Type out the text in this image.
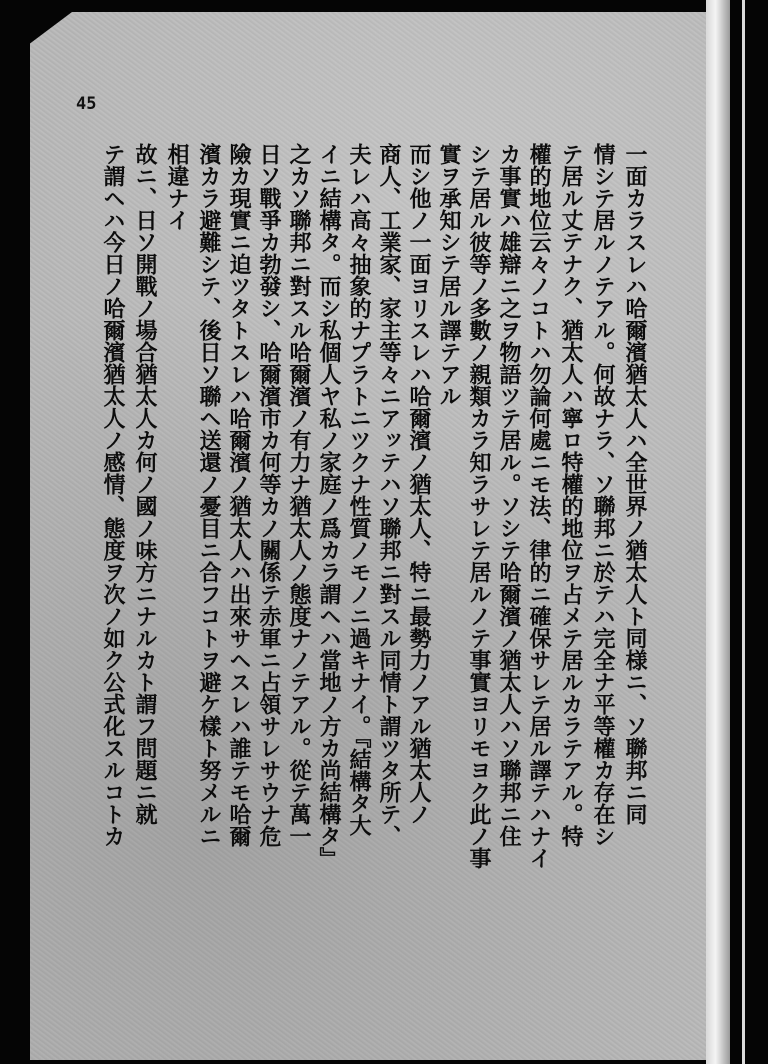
45
一面カラスレハ哈爾濱猶太人ハ全世界ノ猶太人ト同様ニ、ソ聯邦ニ同
情シテ居ルノテアル。何故ナラ、ソ聯邦ニ於テハ完全ナ平等權カ存在シ
テ居ル丈テナク、猶太人ハ寧ロ特權的地位ヲ占メテ居ルカラテアル。特
權的地位云々ノコトハ勿論何處ニモ法、律的ニ確保サレテ居ル譯テハナイ
カ事實ハ雄辯ニ之ヲ物語ツテ居ル。ソシテ哈爾濱ノ猶太人ハソ聯邦ニ住
シテ居ル彼等ノ多數ノ親類カラ知ラサレテ居ルノテ事實ヨリモヨク此ノ事
實ヲ承知シテ居ル譯テアル
而シ他ノ一面ヨリスレハ哈爾濱ノ猶太人、特ニ最勢力ノアル猶太人ノ
商人、工業家、家主等々ニアッテハソ聯邦ニ對スル同情ト謂ツタ所テ、
夫レハ高々抽象的ナプラトニツクナ性質ノモノニ過キナイ。『結構タ大
イニ結構タ。而シ私個人ヤ私ノ家庭ノ爲カラ謂ヘハ當地ノ方カ尚結構タ』
之カソ聯邦ニ對スル哈爾濱ノ有力ナ猶太人ノ態度ナノテアル。從テ萬一
日ソ戰爭カ勃發シ、哈爾濱市カ何等カノ關係テ赤軍ニ占領サレサウナ危
險カ現實ニ迫ツタトスレハ哈爾濱ノ猶太人ハ出來サヘスレハ誰テモ哈爾
濱カラ避難シテ、後日ソ聯ヘ送還ノ憂目ニ合フコトヲ避ケ樣ト努メルニ
相違ナイ
故ニ、日ソ開戰ノ場合猶太人カ何ノ國ノ味方ニナルカト謂フ問題ニ就
テ謂ヘハ今日ノ哈爾濱猶太人ノ感情、態度ヲ次ノ如ク公式化スルコトカ
